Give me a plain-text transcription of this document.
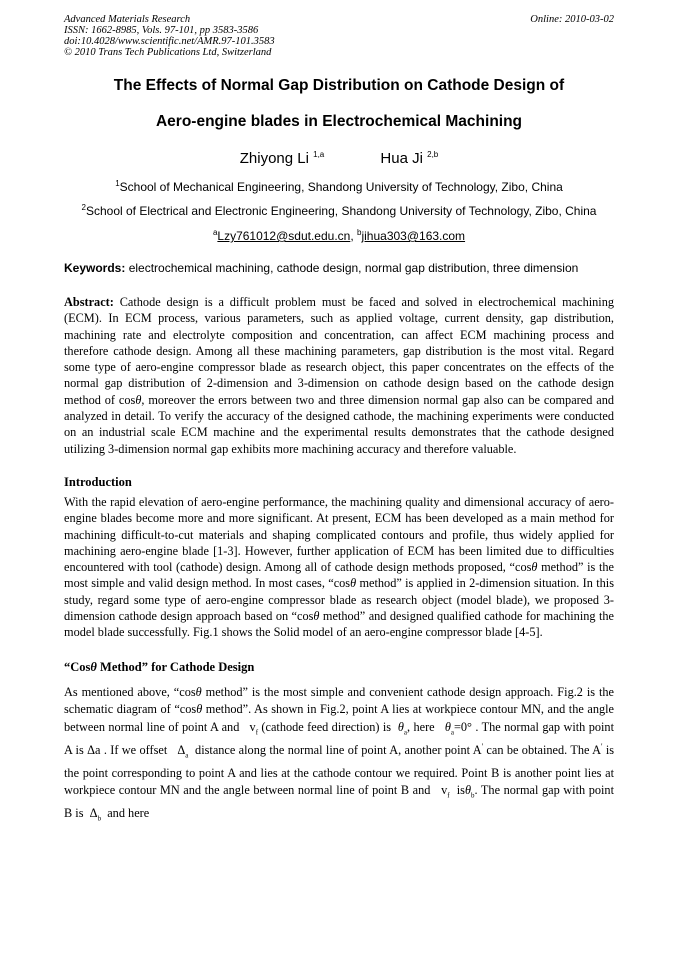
Advanced Materials Research
ISSN: 1662-8985, Vols. 97-101, pp 3583-3586
doi:10.4028/www.scientific.net/AMR.97-101.3583
© 2010 Trans Tech Publications Ltd, Switzerland
Online: 2010-03-02
The Effects of Normal Gap Distribution on Cathode Design of
Aero-engine blades in Electrochemical Machining
Zhiyong Li $^{1,a}$	Hua Ji $^{2,b}$
$^1$School of Mechanical Engineering, Shandong University of Technology, Zibo, China
$^2$School of Electrical and Electronic Engineering, Shandong University of Technology, Zibo, China
$^a$Lzy761012@sdut.edu.cn, $^b$jihua303@163.com
Keywords: electrochemical machining, cathode design, normal gap distribution, three dimension

Abstract: Cathode design is a difficult problem must be faced and solved in electrochemical machining (ECM). In ECM process, various parameters, such as applied voltage, current density, gap distribution, machining rate and electrolyte composition and concentration, can affect ECM machining process and therefore cathode design. Among all these machining parameters, gap distribution is the most vital. Regard some type of aero-engine compressor blade as research object, this paper concentrates on the effects of the normal gap distribution of 2-dimension and 3-dimension on cathode design based on the cathode design method of cosθ, moreover the errors between two and three dimension normal gap also can be compared and analyzed in detail. To verify the accuracy of the designed cathode, the machining experiments were conducted on an industrial scale ECM machine and the experimental results demonstrates that the cathode designed utilizing 3-dimension normal gap exhibits more machining accuracy and therefore valuable.

Introduction

With the rapid elevation of aero-engine performance, the machining quality and dimensional accuracy of aero-engine blades become more and more significant. At present, ECM has been developed as a main method for machining difficult-to-cut materials and shaping complicated contours and profile, thus widely applied for machining aero-engine blade [1-3]. However, further application of ECM has been limited due to difficulties encountered with tool (cathode) design. Among all of cathode design methods proposed, “cosθ method” is the most simple and valid design method. In most cases, “cosθ method” is applied in 2-dimension situation. In this study, regard some type of aero-engine compressor blade as research object (model blade), we proposed 3-dimension cathode design approach based on “cosθ method” and designed qualified cathode for machining the model blade successfully. Fig.1 shows the Solid model of an aero-engine compressor blade [4-5].

“Cosθ Method” for Cathode Design

As mentioned above, “cosθ method” is the most simple and convenient cathode design approach. Fig.2 is the schematic diagram of “cosθ method”. As shown in Fig.2, point A lies at workpiece contour MN, and the angle between normal line of point A and $v_f$ (cathode feed direction) is $\theta_a$, here $\theta_a=0^\circ$ . The normal gap with point A is Δa . If we offset $\Delta_a$ distance along the normal line of point A, another point A' can be obtained. The A' is the point corresponding to point A and lies at the cathode contour we required. Point B is another point lies at workpiece contour MN and the angle between normal line of point B and $v_f$ isθ$_b$. The normal gap with point B is $\Delta_b$ and here
